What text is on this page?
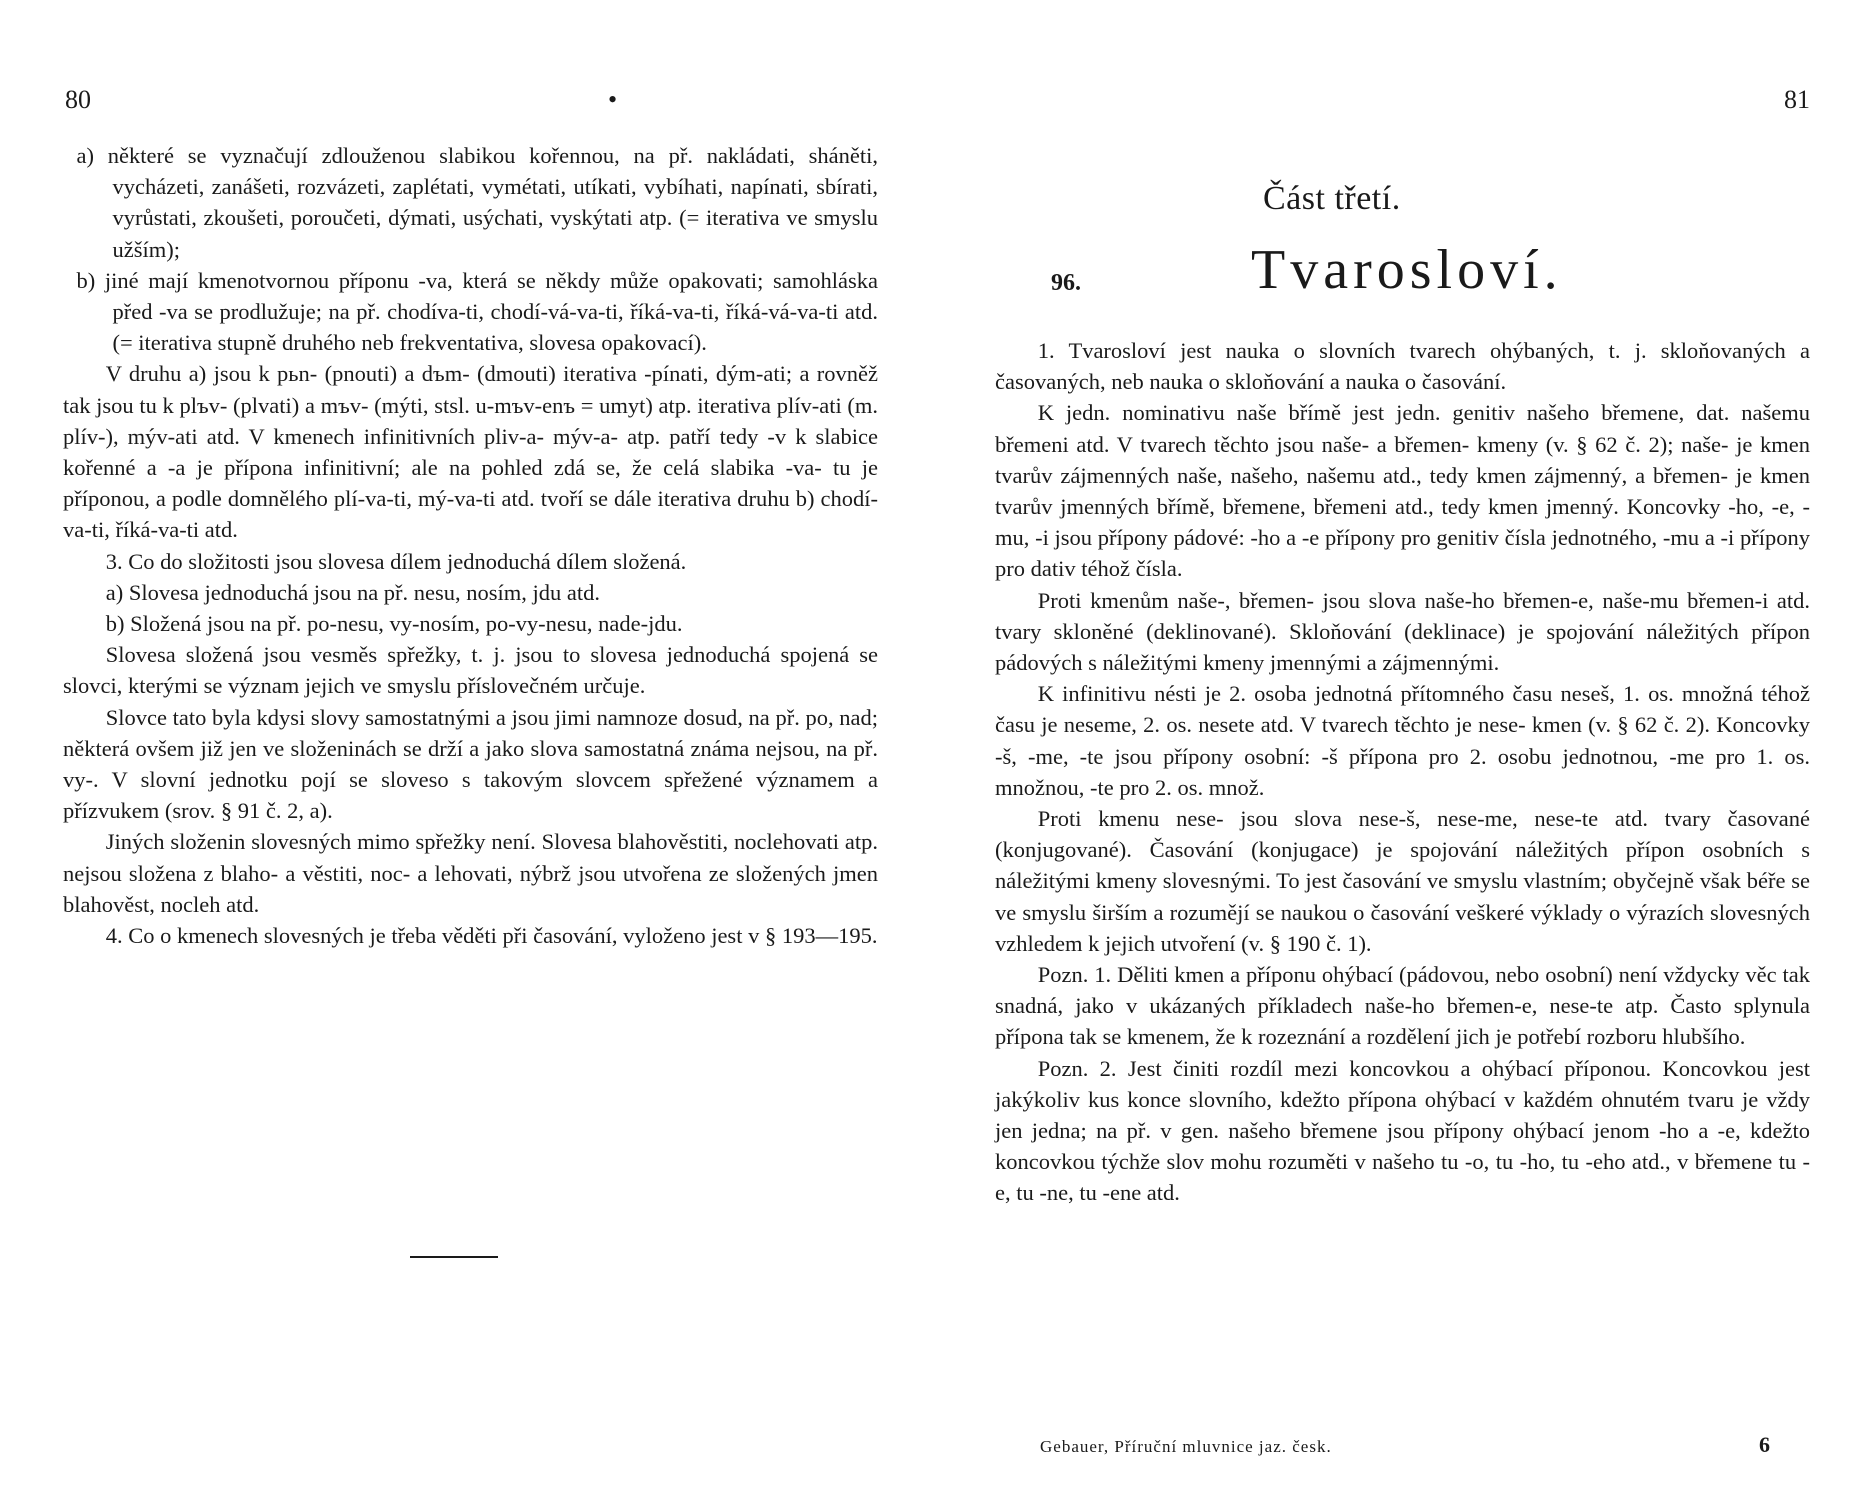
80	•

a) některé se vyznačují zdlouženou slabikou kořennou, na př. nakládati, sháněti, vycházeti, zanášeti, rozvázeti, zaplétati, vymétati, utíkati, vybíhati, napínati, sbírati, vyrůstati, zkoušeti, poroučeti, dýmati, usýchati, vyskýtati atp. (= iterativa ve smyslu užším);

b) jiné mají kmenotvornou příponu -va, která se někdy může opakovati; samohláska před -va se prodlužuje; na př. chodíva-ti, chodí-vá-va-ti, říká-va-ti, říká-vá-va-ti atd. (= iterativa stupně druhého neb frekventativa, slovesa opakovací).

V druhu a) jsou k pьn- (pnouti) a dъm- (dmouti) iterativa -pínati, dým-ati; a rovněž tak jsou tu k plъv- (plvati) a mъv- (mýti, stsl. u-mъv-enъ = umyt) atp. iterativa plív-ati (m. plív-), mýv-ati atd. V kmenech infinitivních pliv-a- mýv-a- atp. patří tedy -v k slabice kořenné a -a je přípona infinitivní; ale na pohled zdá se, že celá slabika -va- tu je příponou, a podle domnělého plí-va-ti, mý-va-ti atd. tvoří se dále iterativa druhu b) chodí-va-ti, říká-va-ti atd.

3. Co do složitosti jsou slovesa dílem jednoduchá dílem složená.

a) Slovesa jednoduchá jsou na př. nesu, nosím, jdu atd.

b) Složená jsou na př. po-nesu, vy-nosím, po-vy-nesu, nade-jdu.

Slovesa složená jsou vesměs spřežky, t. j. jsou to slovesa jednoduchá spojená se slovci, kterými se význam jejich ve smyslu příslovečném určuje.

Slovce tato byla kdysi slovy samostatnými a jsou jimi namnoze dosud, na př. po, nad; některá ovšem již jen ve složeninách se drží a jako slova samostatná známa nejsou, na př. vy-. V slovní jednotku pojí se sloveso s takovým slovcem spřežené významem a přízvukem (srov. § 91 č. 2, a).

Jiných složenin slovesných mimo spřežky není. Slovesa blahověstiti, noclehovati atp. nejsou složena z blaho- a věstiti, noc- a lehovati, nýbrž jsou utvořena ze složených jmen blahověst, nocleh atd.

4. Co o kmenech slovesných je třeba věděti při časování, vyloženo jest v § 193—195.

81
Část třetí.
96.	Tvarosloví.

1. Tvarosloví jest nauka o slovních tvarech ohýbaných, t. j. skloňovaných a časovaných, neb nauka o skloňování a nauka o časování.

K jedn. nominativu naše břímě jest jedn. genitiv našeho břemene, dat. našemu břemeni atd. V tvarech těchto jsou naše- a břemen- kmeny (v. § 62 č. 2); naše- je kmen tvarův zájmenných naše, našeho, našemu atd., tedy kmen zájmenný, a břemen- je kmen tvarův jmenných břímě, břemene, břemeni atd., tedy kmen jmenný. Koncovky -ho, -e, -mu, -i jsou přípony pádové: -ho a -e přípony pro genitiv čísla jednotného, -mu a -i přípony pro dativ téhož čísla.

Proti kmenům naše-, břemen- jsou slova naše-ho břemen-e, naše-mu břemen-i atd. tvary skloněné (deklinované). Skloňování (deklinace) je spojování náležitých přípon pádových s náležitými kmeny jmennými a zájmennými.

K infinitivu nésti je 2. osoba jednotná přítomného času neseš, 1. os. množná téhož času je neseme, 2. os. nesete atd. V tvarech těchto je nese- kmen (v. § 62 č. 2). Koncovky -š, -me, -te jsou přípony osobní: -š přípona pro 2. osobu jednotnou, -me pro 1. os. množnou, -te pro 2. os. množ.

Proti kmenu nese- jsou slova nese-š, nese-me, nese-te atd. tvary časované (konjugované). Časování (konjugace) je spojování náležitých přípon osobních s náležitými kmeny slovesnými. To jest časování ve smyslu vlastním; obyčejně však béře se ve smyslu širším a rozumějí se naukou o časování veškeré výklady o výrazích slovesných vzhledem k jejich utvoření (v. § 190 č. 1).

Pozn. 1. Děliti kmen a příponu ohýbací (pádovou, nebo osobní) není vždycky věc tak snadná, jako v ukázaných příkladech naše-ho břemen-e, nese-te atp. Často splynula přípona tak se kmenem, že k rozeznání a rozdělení jich je potřebí rozboru hlubšího.

Pozn. 2. Jest činiti rozdíl mezi koncovkou a ohýbací příponou. Koncovkou jest jakýkoliv kus konce slovního, kdežto přípona ohýbací v každém ohnutém tvaru je vždy jen jedna; na př. v gen. našeho břemene jsou přípony ohýbací jenom -ho a -e, kdežto koncovkou týchže slov mohu rozuměti v našeho tu -o, tu -ho, tu -eho atd., v břemene tu -e, tu -ne, tu -ene atd.

Gebauer, Příruční mluvnice jaz. česk.	6
